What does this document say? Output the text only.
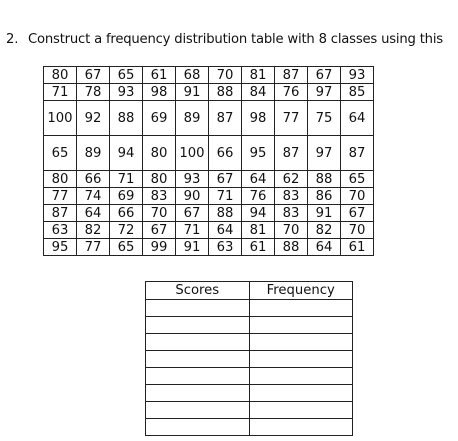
2. Construct a frequency distribution table with 8 classes using this
80	67	65	61	68	70	81	87	67	93
71	78	93	98	91	88	84	76	97	85
100	92	88	69	89	87	98	77	75	64
65	89	94	80	100	66	95	87	97	87
80	66	71	80	93	67	64	62	88	65
77	74	69	83	90	71	76	83	86	70
87	64	66	70	67	88	94	83	91	67
63	82	72	67	71	64	81	70	82	70
95	77	65	99	91	63	61	88	64	61
Scores	Frequency
